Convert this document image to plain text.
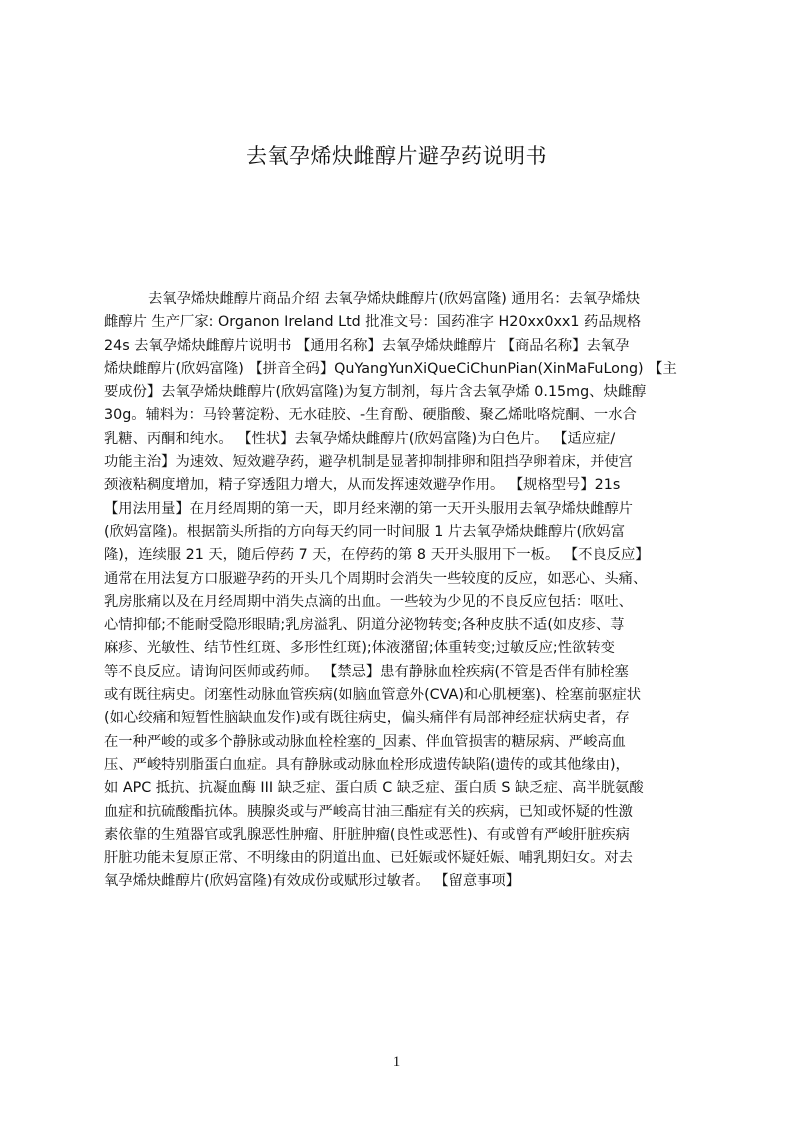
去氧孕烯炔雌醇片避孕药说明书
去氧孕烯炔雌醇片商品介绍 去氧孕烯炔雌醇片(欣妈富隆) 通用名：去氧孕烯炔
雌醇片 生产厂家: Organon Ireland Ltd 批准文号：国药准字 H20xx0xx1 药品规格
24s 去氧孕烯炔雌醇片说明书 【通用名称】去氧孕烯炔雌醇片 【商品名称】去氧孕
烯炔雌醇片(欣妈富隆) 【拼音全码】QuYangYunXiQueCiChunPian(XinMaFuLong) 【主
要成份】去氧孕烯炔雌醇片(欣妈富隆)为复方制剂，每片含去氧孕烯 0.15mg、炔雌醇
30g。辅料为：马铃薯淀粉、无水硅胶、-生育酚、硬脂酸、聚乙烯吡咯烷酮、一水合
乳糖、丙酮和纯水。 【性状】去氧孕烯炔雌醇片(欣妈富隆)为白色片。 【适应症/
功能主治】为速效、短效避孕药，避孕机制是显著抑制排卵和阻挡孕卵着床，并使宫
颈液粘稠度增加，精子穿透阻力增大，从而发挥速效避孕作用。 【规格型号】21s
【用法用量】在月经周期的第一天，即月经来潮的第一天开头服用去氧孕烯炔雌醇片
(欣妈富隆)。根据箭头所指的方向每天约同一时间服 1 片去氧孕烯炔雌醇片(欣妈富
隆)，连续服 21 天，随后停药 7 天，在停药的第 8 天开头服用下一板。 【不良反应】
通常在用法复方口服避孕药的开头几个周期时会消失一些较度的反应，如恶心、头痛、
乳房胀痛以及在月经周期中消失点滴的出血。一些较为少见的不良反应包括：呕吐、
心情抑郁;不能耐受隐形眼睛;乳房溢乳、阴道分泌物转变;各种皮肤不适(如皮疹、荨
麻疹、光敏性、结节性红斑、多形性红斑);体液潴留;体重转变;过敏反应;性欲转变
等不良反应。请询问医师或药师。 【禁忌】患有静脉血栓疾病(不管是否伴有肺栓塞
或有既往病史。闭塞性动脉血管疾病(如脑血管意外(CVA)和心肌梗塞)、栓塞前驱症状
(如心绞痛和短暂性脑缺血发作)或有既往病史，偏头痛伴有局部神经症状病史者，存
在一种严峻的或多个静脉或动脉血栓栓塞的_因素、伴血管损害的糖尿病、严峻高血
压、严峻特别脂蛋白血症。具有静脉或动脉血栓形成遗传缺陷(遗传的或其他缘由)，
如 APC 抵抗、抗凝血酶 III 缺乏症、蛋白质 C 缺乏症、蛋白质 S 缺乏症、高半胱氨酸
血症和抗硫酸酯抗体。胰腺炎或与严峻高甘油三酯症有关的疾病，已知或怀疑的性激
素依靠的生殖器官或乳腺恶性肿瘤、肝脏肿瘤(良性或恶性)、有或曾有严峻肝脏疾病
肝脏功能未复原正常、不明缘由的阴道出血、已妊娠或怀疑妊娠、哺乳期妇女。对去
氧孕烯炔雌醇片(欣妈富隆)有效成份或赋形过敏者。 【留意事项】
1
